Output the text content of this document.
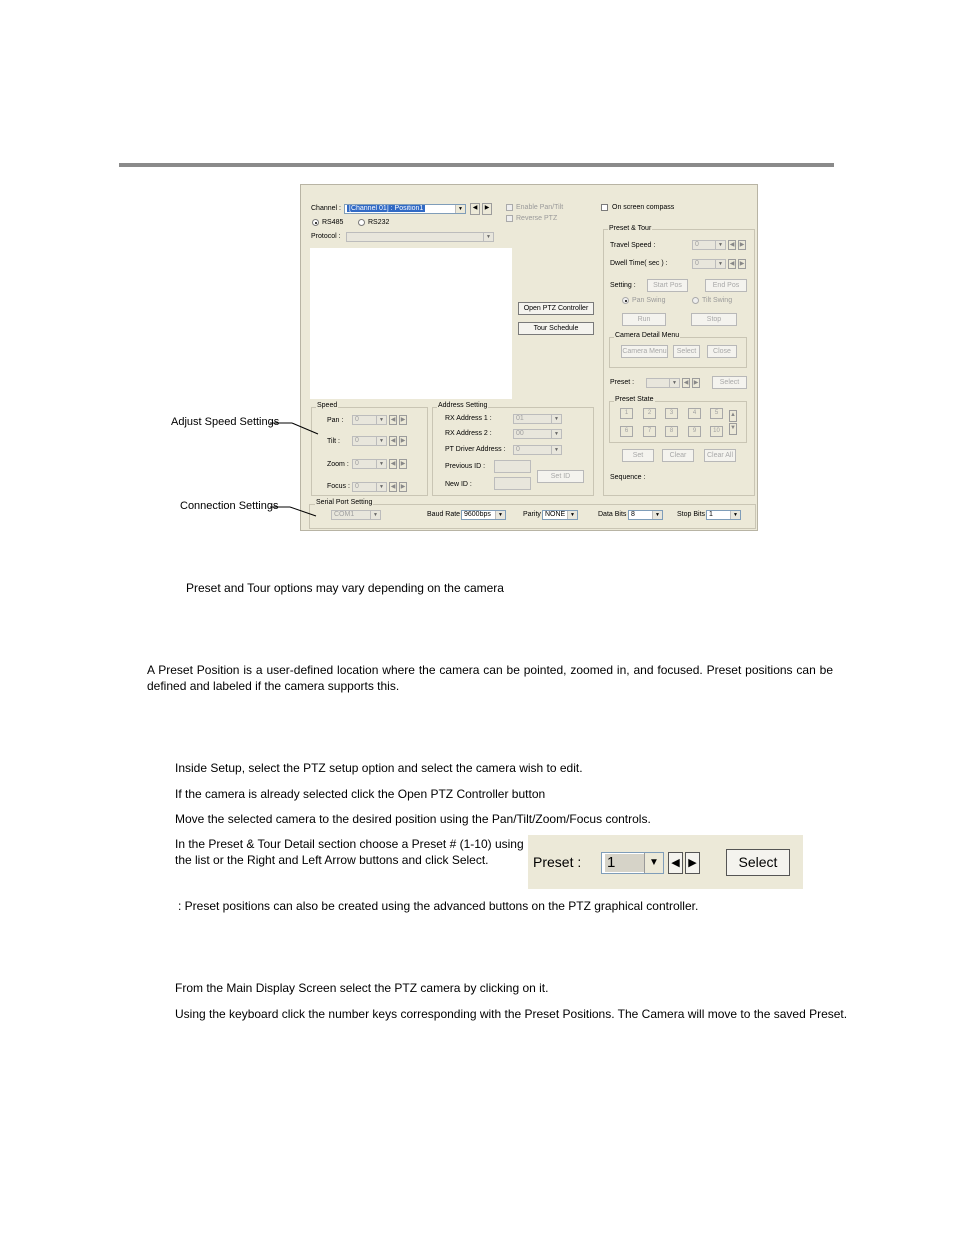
Channel :	[Channel 01] : Position1	▼	◀	▶	Enable Pan/Tilt
Reverse PTZ
On screen compass
RS485	RS232
Protocol :	▼
Open PTZ Controller
Tour Schedule
Speed
Pan :	0	▼	◀ ▶
Tilt :	0	▼	◀ ▶
Zoom : 0	▼	◀ ▶
Focus : 0	▼	◀ ▶
Address Setting
RX Address 1 :	01	▼
RX Address 2 :	00	▼
PT Driver Address :	0	▼
Previous ID :
New ID :
Set ID
Serial Port Setting
COM1	▼	Baud Rate 9600bps	▼	Parity NONE ▼	Data Bits 8	▼ Stop Bits 1	▼
Preset & Tour
Travel Speed :	0	▼	◀ ▶
Dwell Time( sec ) :	0	▼	◀ ▶
Setting :	Start Pos	End Pos
Pan Swing	Tilt Swing
Run	Stop
Camera Detail Menu
Camera Menu	Select	Close
Preset :	▼	◀ ▶	Select
Preset State
1	2	3	4	5
6	7	8	9	10
▲
▼
Set	Clear	Clear All
Sequence :
Adjust Speed Settings
Connection Settings
Preset and Tour options may vary depending on the camera
A Preset Position is a user-defined location where the camera can be pointed, zoomed in, and focused. Preset positions can be defined and labeled if the camera supports this.
Inside Setup, select the PTZ setup option and select the camera wish to edit.
If the camera is already selected click the Open PTZ Controller button
Move the selected camera to the desired position using the Pan/Tilt/Zoom/Focus controls.
In the Preset & Tour Detail section choose a Preset # (1-10) using
the list or the Right and Left Arrow buttons and click Select.	Preset : 1	▼	◀ ▶	Select
: Preset positions can also be created using the advanced buttons on the PTZ graphical controller.
From the Main Display Screen select the PTZ camera by clicking on it.
Using the keyboard click the number keys corresponding with the Preset Positions. The Camera will move to the saved Preset.
